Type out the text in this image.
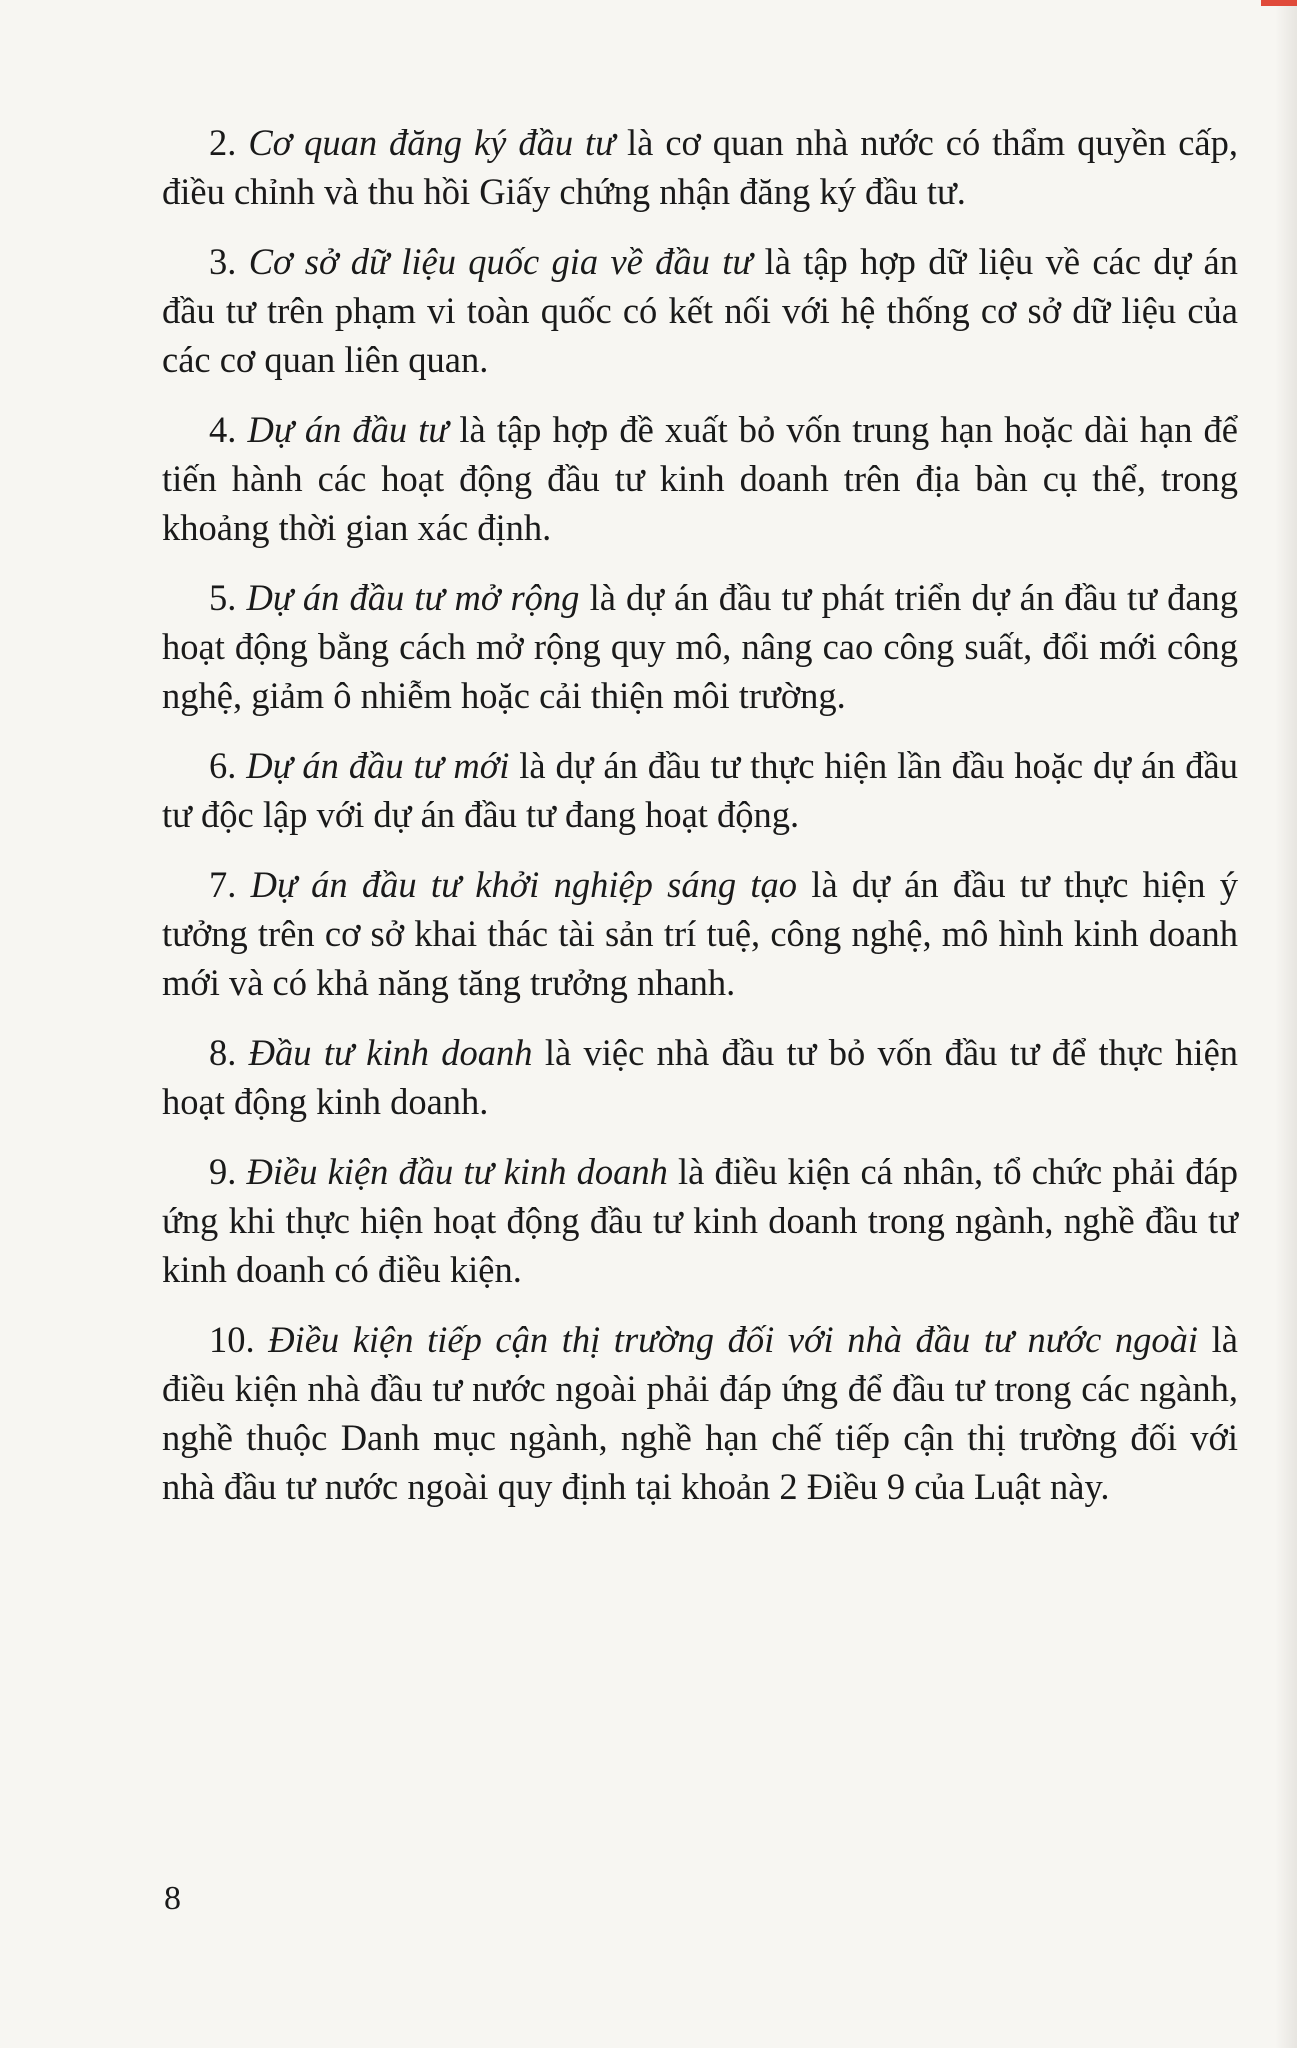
2. Cơ quan đăng ký đầu tư là cơ quan nhà nước có thẩm quyền cấp, điều chỉnh và thu hồi Giấy chứng nhận đăng ký đầu tư.

3. Cơ sở dữ liệu quốc gia về đầu tư là tập hợp dữ liệu về các dự án đầu tư trên phạm vi toàn quốc có kết nối với hệ thống cơ sở dữ liệu của các cơ quan liên quan.

4. Dự án đầu tư là tập hợp đề xuất bỏ vốn trung hạn hoặc dài hạn để tiến hành các hoạt động đầu tư kinh doanh trên địa bàn cụ thể, trong khoảng thời gian xác định.

5. Dự án đầu tư mở rộng là dự án đầu tư phát triển dự án đầu tư đang hoạt động bằng cách mở rộng quy mô, nâng cao công suất, đổi mới công nghệ, giảm ô nhiễm hoặc cải thiện môi trường.

6. Dự án đầu tư mới là dự án đầu tư thực hiện lần đầu hoặc dự án đầu tư độc lập với dự án đầu tư đang hoạt động.

7. Dự án đầu tư khởi nghiệp sáng tạo là dự án đầu tư thực hiện ý tưởng trên cơ sở khai thác tài sản trí tuệ, công nghệ, mô hình kinh doanh mới và có khả năng tăng trưởng nhanh.

8. Đầu tư kinh doanh là việc nhà đầu tư bỏ vốn đầu tư để thực hiện hoạt động kinh doanh.

9. Điều kiện đầu tư kinh doanh là điều kiện cá nhân, tổ chức phải đáp ứng khi thực hiện hoạt động đầu tư kinh doanh trong ngành, nghề đầu tư kinh doanh có điều kiện.

10. Điều kiện tiếp cận thị trường đối với nhà đầu tư nước ngoài là điều kiện nhà đầu tư nước ngoài phải đáp ứng để đầu tư trong các ngành, nghề thuộc Danh mục ngành, nghề hạn chế tiếp cận thị trường đối với nhà đầu tư nước ngoài quy định tại khoản 2 Điều 9 của Luật này.

8
